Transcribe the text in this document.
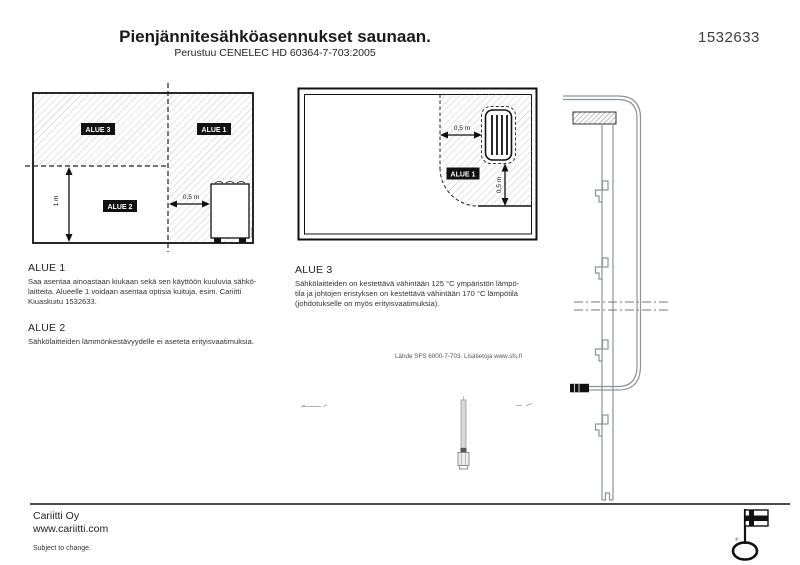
Pienjännitesähköasennukset saunaan.
Perustuu CENELEC HD 60364-7-703:2005
1532633
ALUE 3	ALUE 1
ALUE 2
1 m	0,5 m
ALUE 1
0,5 m
0,5 m
ALUE 1
Saa asentaa ainoastaan kiukaan sekä sen käyttöön kuuluvia sähkö-
laitteita. Alueelle 1 voidaan asentaa optisia kuituja, esim. Cariitti
Kiuaskuitu 1532633.
ALUE 2
Sähkölaitteiden lämmönkestävyydelle ei aseteta erityisvaatimuksia.
ALUE 3
Sähkölaitteiden on kestettävä vähintään 125 °C ympäristön lämpö-
tila ja johtojen eristyksen on kestettävä vähintään 170 °C lämpötila
(johdotukselle on myös erityisvaatimuksia).
Lähde SFS 6000-7-703. Lisätietoja www.sfs.fi
Cariitti Oy
www.cariitti.com
Subject to change.
®
